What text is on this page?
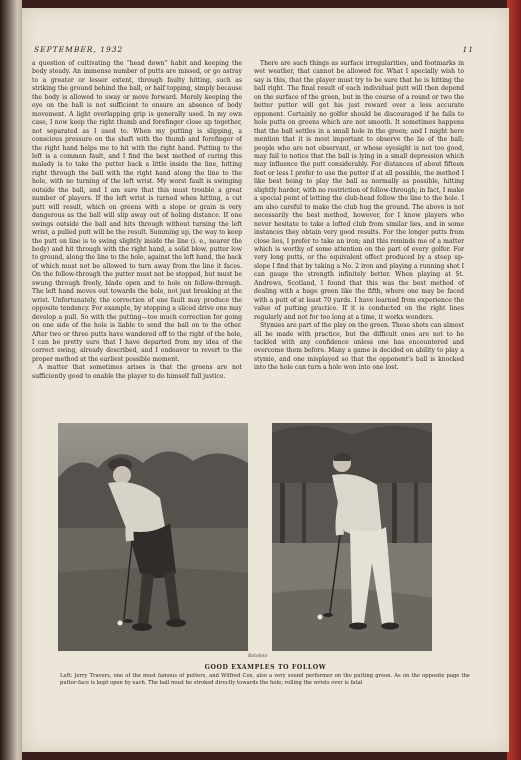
SEPTEMBER, 1932	11

a question of cultivating the “head down” habit and keeping the body steady. An immense number of putts are missed, or go astray to a greater or lesser extent, through faulty hitting, such as striking the ground behind the ball, or half topping, simply because the body is allowed to sway or move forward. Merely keeping the eye on the ball is not sufficient to ensure an absence of body movement. A light overlapping grip is generally used. In my own case, I now keep the right thumb and forefinger close up together, not separated as I used to. When my putting is slipping, a conscious pressure on the shaft with the thumb and forefinger of the right hand helps me to hit with the right hand. Putting to the left is a common fault, and I find the best method of curing this malady is to take the putter back a little inside the line, hitting right through the ball with the right hand along the line to the hole, with no turning of the left wrist. My worst fault is swinging outside the ball, and I am sure that this must trouble a great number of players. If the left wrist is turned when hitting, a cut putt will result, which on greens with a slope or grain is very dangerous as the ball will slip away out of holing distance. If one swings outside the ball and hits through without turning the left wrist, a pulled putt will be the result. Summing up, the way to keep the putt on line is to swing slightly inside the line (i. e., nearer the body) and hit through with the right hand, a solid blow, putter low to ground, along the line to the hole, against the left hand, the back of which must not be allowed to turn away from the line it faces. On the follow-through the putter must not be stopped, but must be swung through freely, blade open and to hole on follow-through. The left hand moves out towards the hole, not just breaking at the wrist. Unfortunately, the correction of one fault may produce the opposite tendency. For example, by stopping a sliced drive one may develop a pull. So with the putting—too much correction for going on one side of the hole is liable to send the ball on to the other. After two or three putts have wandered off to the right of the hole, I can be pretty sure that I have departed from my idea of the correct swing, already described, and I endeavor to revert to the proper method at the earliest possible moment.

A matter that sometimes arises is that the greens are not sufficiently good to enable the player to do himself full justice.

There are such things as surface irregularities, and footmarks in wet weather, that cannot be allowed for. What I specially wish to say is this, that the player must try to be sure that he is hitting the ball right. The final result of each individual putt will then depend on the surface of the green, but in the course of a round or two the better putter will get his just reward over a less accurate opponent. Certainly no golfer should be discouraged if he fails to hole putts on greens which are not smooth. It sometimes happens that the ball settles in a small hole in the green; and I might here mention that it is most important to observe the lie of the ball; people who are not observant, or whose eyesight is not too good, may fail to notice that the ball is lying in a small depression which may influence the putt considerably. For distances of about fifteen feet or less I prefer to use the putter if at all possible, the method I like best being to play the ball as normally as possible, hitting slightly harder, with no restriction of follow-through; in fact, I make a special point of letting the club-head follow the line to the hole. I am also careful to make the club hug the ground. The above is not necessarily the best method, however, for I know players who never hesitate to take a lofted club from similar lies, and in some instances they obtain very good results. For the longer putts from close lies, I prefer to take an iron; and this reminds me of a matter which is worthy of some attention on the part of every golfer. For very long putts, or the equivalent effect produced by a steep up-slope I find that by taking a No. 2 iron and playing a running shot I can gauge the strength infinitely better. When playing at St. Andrews, Scotland, I found that this was the best method of dealing with a huge green like the fifth, where one may be faced with a putt of at least 70 yards. I have learned from experience the value of putting practice. If it is conducted on the right lines regularly and not for too long at a time, it works wonders.

Stymies are part of the play on the green. These shots can almost all be made with practice, but the difficult ones are not to be tackled with any confidence unless one has encountered and overcome them before. Many a game is decided on ability to play a stymie, and one misplayed so that the opponent's ball is knocked into the hole can turn a hole won into one lost.

Rotofoto
GOOD EXAMPLES TO FOLLOW
Left: Jerry Travers, one of the most famous of putters, and Wilfred Cox, also a very sound performer on the putting green. As on the opposite page the putter-face is kept open by each. The ball must be stroked directly towards the hole; rolling the wrists over is fatal
